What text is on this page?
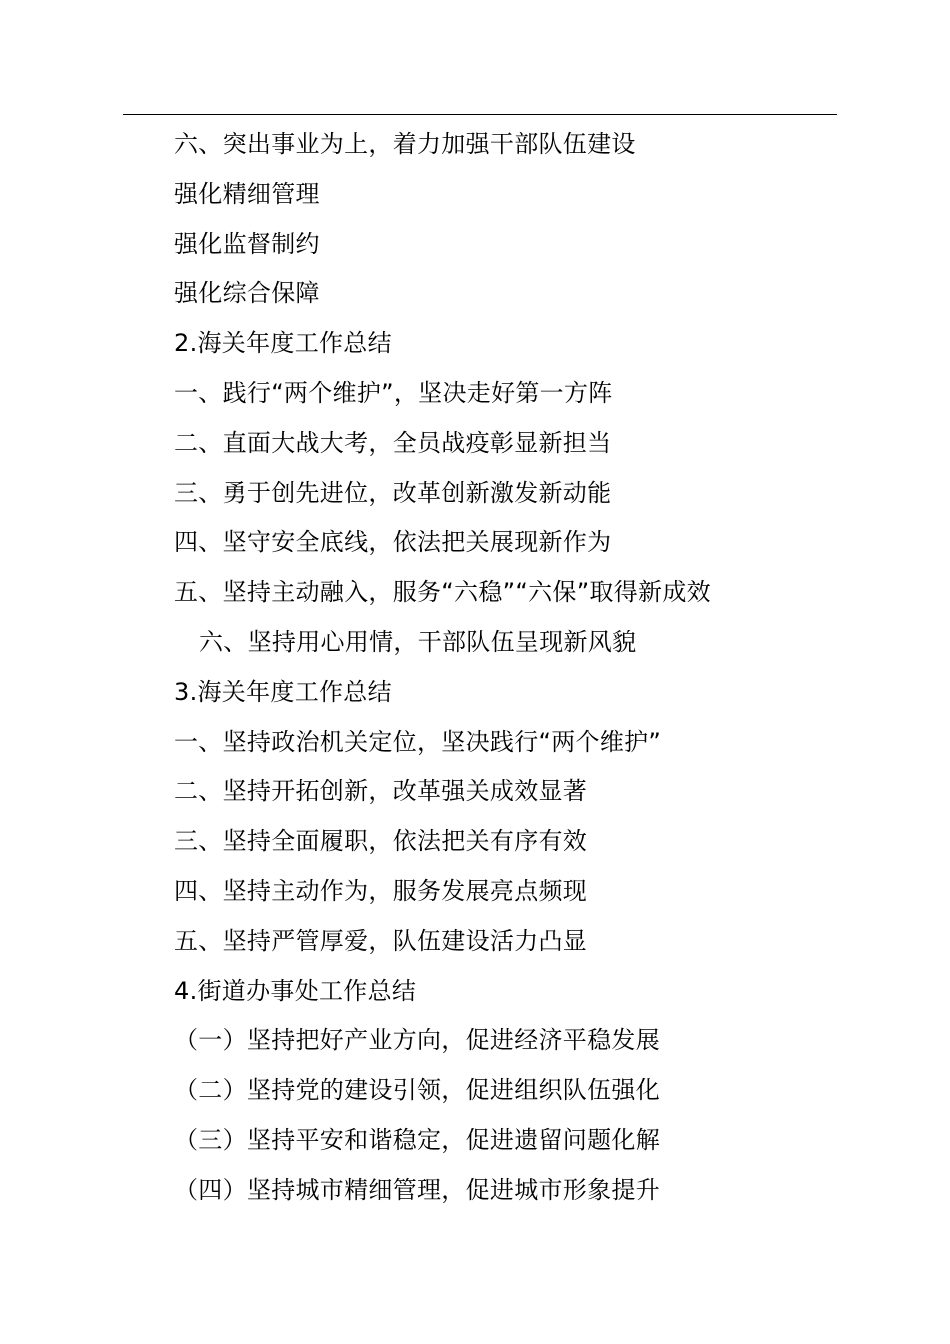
六、突出事业为上，着力加强干部队伍建设
强化精细管理
强化监督制约
强化综合保障
2.海关年度工作总结
一、践行“两个维护”，坚决走好第一方阵
二、直面大战大考，全员战疫彰显新担当
三、勇于创先进位，改革创新激发新动能
四、坚守安全底线，依法把关展现新作为
五、坚持主动融入，服务“六稳”“六保”取得新成效
六、坚持用心用情，干部队伍呈现新风貌
3.海关年度工作总结
一、坚持政治机关定位，坚决践行“两个维护”
二、坚持开拓创新，改革强关成效显著
三、坚持全面履职，依法把关有序有效
四、坚持主动作为，服务发展亮点频现
五、坚持严管厚爱，队伍建设活力凸显
4.街道办事处工作总结
（一）坚持把好产业方向，促进经济平稳发展
（二）坚持党的建设引领，促进组织队伍强化
（三）坚持平安和谐稳定，促进遗留问题化解
（四）坚持城市精细管理，促进城市形象提升
